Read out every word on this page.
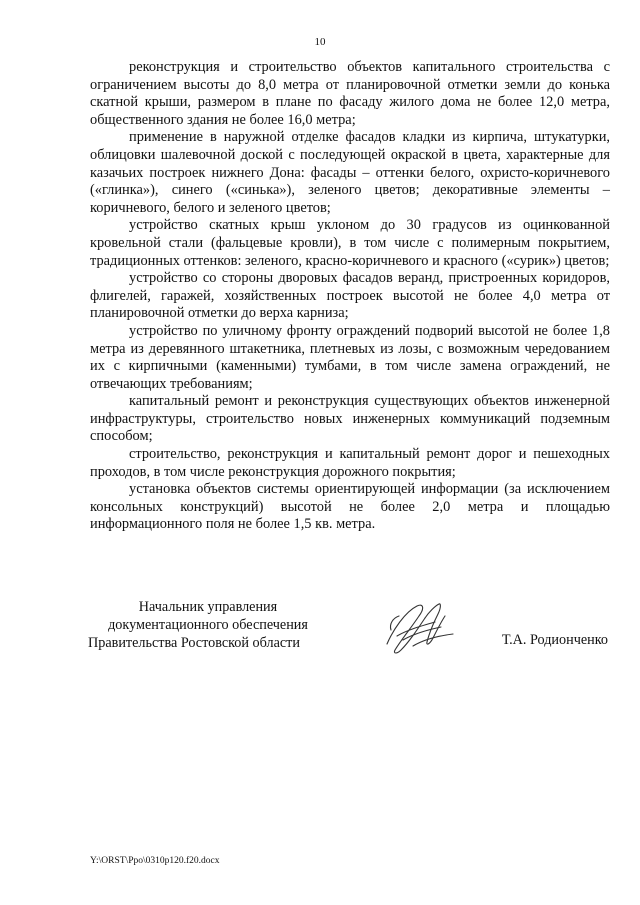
10

реконструкция и строительство объектов капитального строительства с ограничением высоты до 8,0 метра от планировочной отметки земли до конька скатной крыши, размером в плане по фасаду жилого дома не более 12,0 метра, общественного здания не более 16,0 метра;

применение в наружной отделке фасадов кладки из кирпича, штукатурки, облицовки шалевочной доской с последующей окраской в цвета, характерные для казачьих построек нижнего Дона: фасады – оттенки белого, охристо-коричневого («глинка»), синего («синька»), зеленого цветов; декоративные элементы – коричневого, белого и зеленого цветов;

устройство скатных крыш уклоном до 30 градусов из оцинкованной кровельной стали (фальцевые кровли), в том числе с полимерным покрытием, традиционных оттенков: зеленого, красно-коричневого и красного («сурик») цветов;

устройство со стороны дворовых фасадов веранд, пристроенных коридоров, флигелей, гаражей, хозяйственных построек высотой не более 4,0 метра от планировочной отметки до верха карниза;

устройство по уличному фронту ограждений подворий высотой не более 1,8 метра из деревянного штакетника, плетневых из лозы, с возможным чередованием их с кирпичными (каменными) тумбами, в том числе замена ограждений, не отвечающих требованиям;

капитальный ремонт и реконструкция существующих объектов инженерной инфраструктуры, строительство новых инженерных коммуникаций подземным способом;

строительство, реконструкция и капитальный ремонт дорог и пешеходных проходов, в том числе реконструкция дорожного покрытия;

установка объектов системы ориентирующей информации (за исключением консольных конструкций) высотой не более 2,0 метра и площадью информационного поля не более 1,5 кв. метра.

Начальник управления
документационного обеспечения
Правительства Ростовской области	Т.А. Родионченко
Y:\ORST\Ppo\0310p120.f20.docx
